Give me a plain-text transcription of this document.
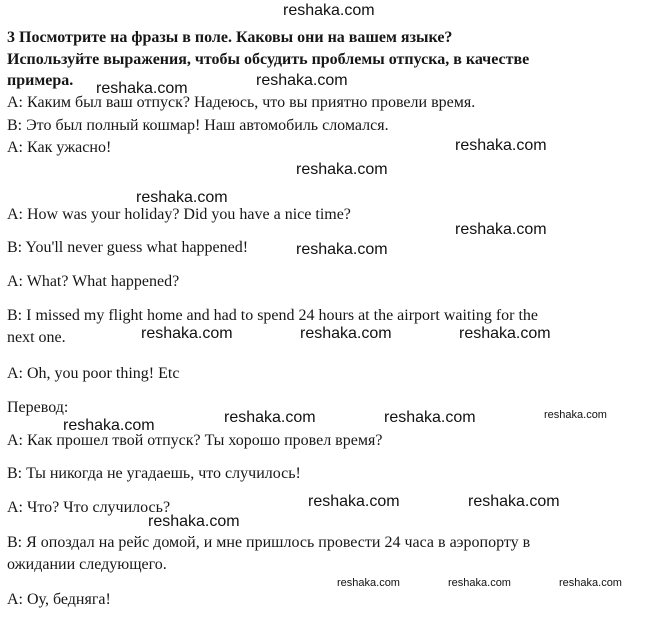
reshaka.com
3 Посмотрите на фразы в поле. Каковы они на вашем языке?
Используйте выражения, чтобы обсудить проблемы отпуска, в качестве
примера.
А: Каким был ваш отпуск? Надеюсь, что вы приятно провели время.
В: Это был полный кошмар! Наш автомобиль сломался.
А: Как ужасно!
A: How was your holiday? Did you have a nice time?
B: You'll never guess what happened!
A: What? What happened?
B: I missed my flight home and had to spend 24 hours at the airport waiting for the
next one.
A: Oh, you poor thing! Etc
Перевод:
А: Как прошел твой отпуск? Ты хорошо провел время?
В: Ты никогда не угадаешь, что случилось!
А: Что? Что случилось?
В: Я опоздал на рейс домой, и мне пришлось провести 24 часа в аэропорту в
ожидании следующего.
А: Оу, бедняга!
reshaka.com	reshaka.com
reshaka.com
reshaka.com
reshaka.com
reshaka.com
reshaka.com
reshaka.com	reshaka.com	reshaka.com
reshaka.com	reshaka.com	reshaka.com	reshaka.com
reshaka.com	reshaka.com
reshaka.com
reshaka.com	reshaka.com	reshaka.com
